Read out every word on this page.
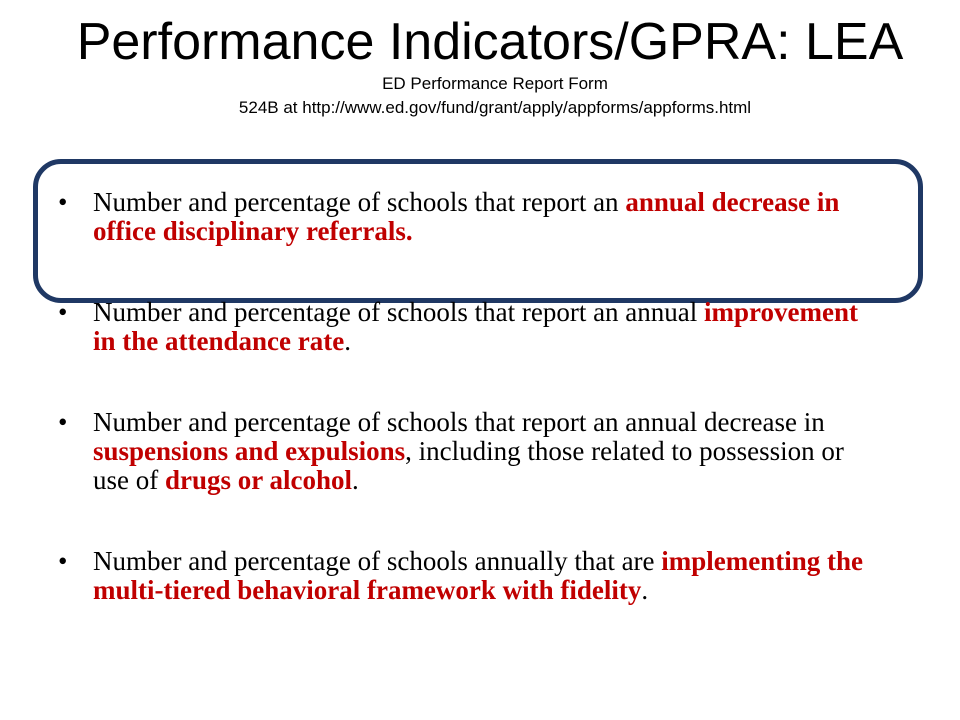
Performance Indicators/GPRA: LEA
ED Performance Report Form
524B at http://www.ed.gov/fund/grant/apply/appforms/appforms.html
• Number and percentage of schools that report an annual decrease in office disciplinary referrals.
• Number and percentage of schools that report an annual improvement in the attendance rate.
• Number and percentage of schools that report an annual decrease in suspensions and expulsions, including those related to possession or use of drugs or alcohol.
• Number and percentage of schools annually that are implementing the multi-tiered behavioral framework with fidelity.
